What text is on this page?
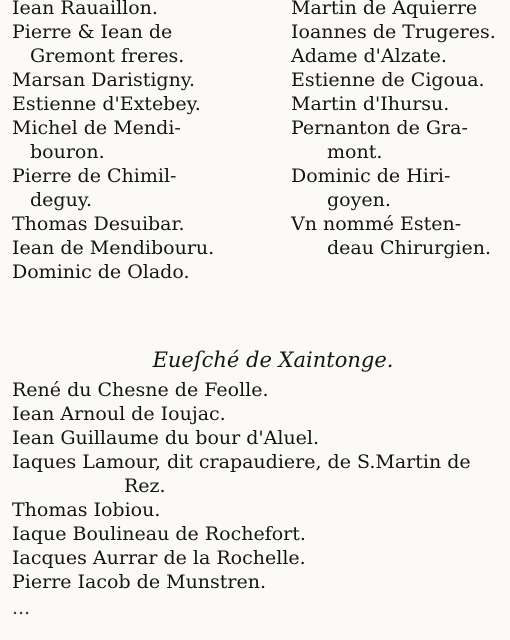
Iean Rauaillon.
Pierre & Iean de
Gremont freres.
Marsan Daristigny.
Estienne d'Extebey.
Michel de Mendi-
bouron.
Pierre de Chimil-
deguy.
Thomas Desuibar.
Iean de Mendibouru.
Dominic de Olado.
Martin de Aquierre
Ioannes de Trugeres.
Adame d'Alzate.
Estienne de Cigoua.
Martin d'Ihursu.
Pernanton de Gra-
mont.
Dominic de Hiri-
goyen.
Vn nommé Esten-
deau Chirurgien.
Eueſché de Xaintonge.
René du Chesne de Feolle.
Iean Arnoul de Ioujac.
Iean Guillaume du bour d'Aluel.
Iaques Lamour, dit crapaudiere, de S.Martin de
Rez.
Thomas Iobiou.
Iaque Boulineau de Rochefort.
Iacques Aurrar de la Rochelle.
Pierre Iacob de Munstren.
...
